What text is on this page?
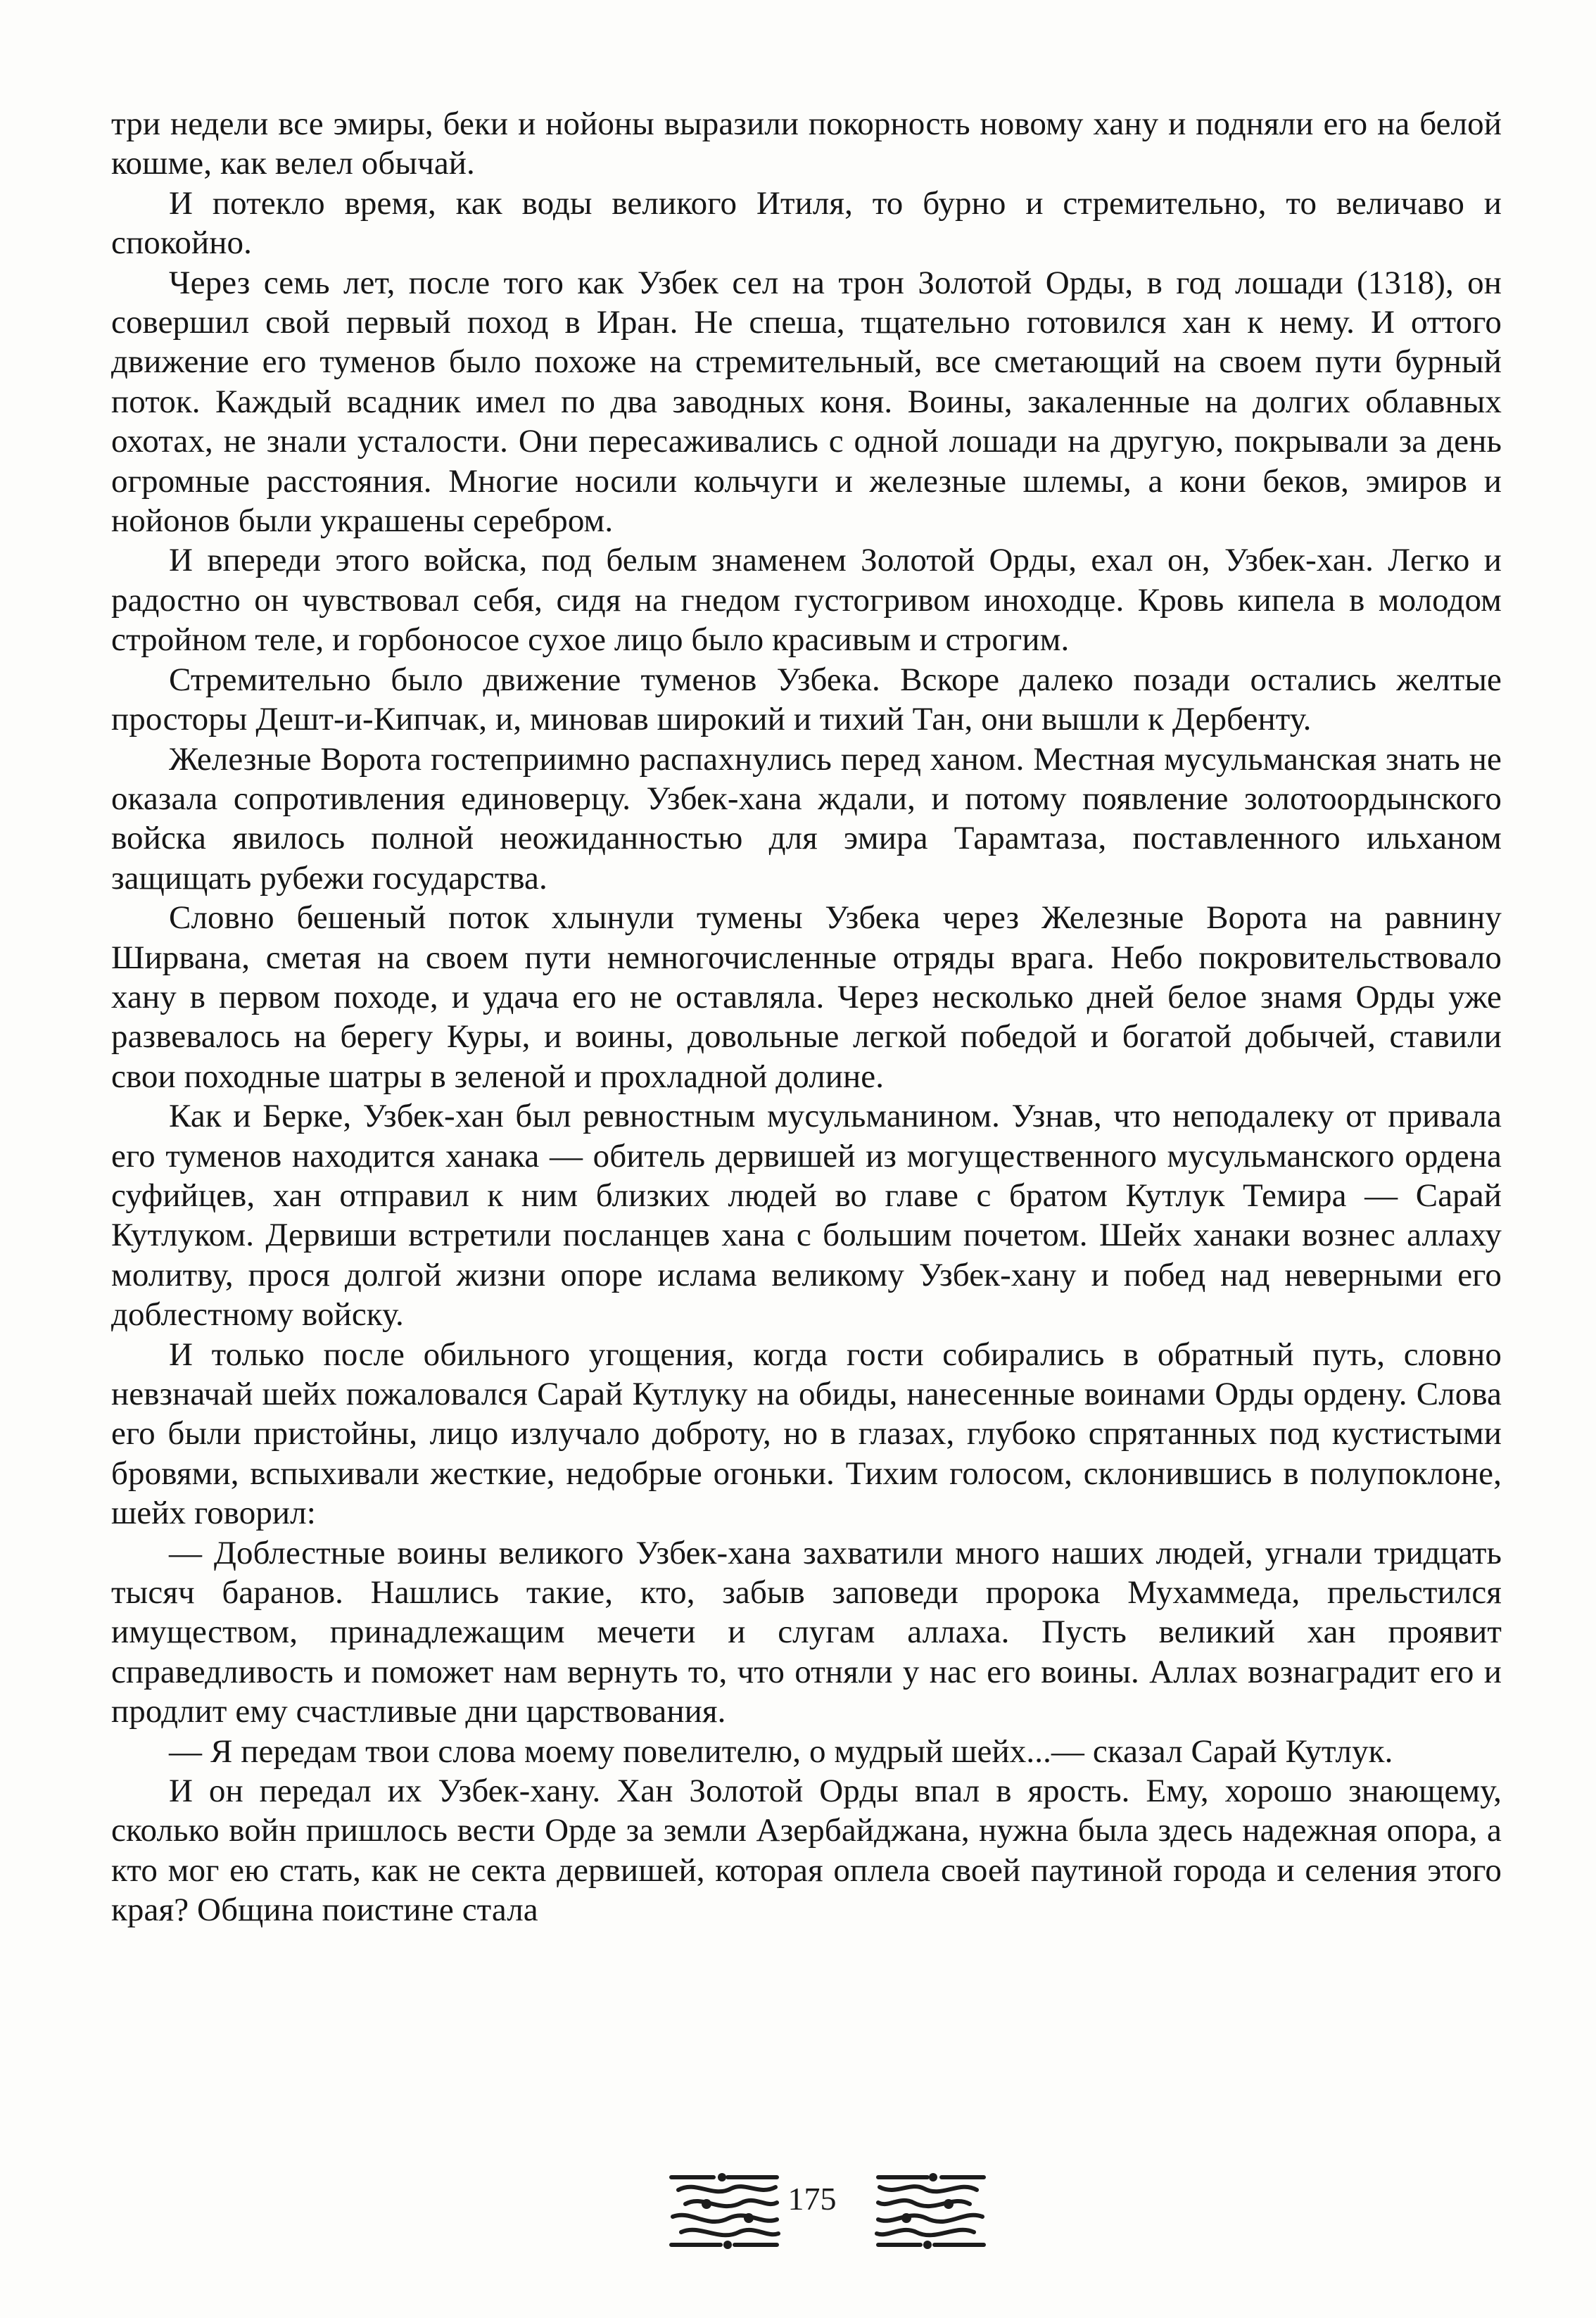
три недели все эмиры, беки и нойоны выразили покорность новому хану и подняли его на белой кошме, как велел обычай.

И потекло время, как воды великого Итиля, то бурно и стремительно, то величаво и спокойно.

Через семь лет, после того как Узбек сел на трон Золотой Орды, в год лошади (1318), он совершил свой первый поход в Иран. Не спеша, тщательно готовился хан к нему. И оттого движение его туменов было похоже на стремительный, все сметающий на своем пути бурный поток. Каждый всадник имел по два заводных коня. Воины, закаленные на долгих облавных охотах, не знали усталости. Они пересаживались с одной лошади на другую, покрывали за день огромные расстояния. Многие носили кольчуги и железные шлемы, а кони беков, эмиров и нойонов были украшены серебром.

И впереди этого войска, под белым знаменем Золотой Орды, ехал он, Узбек-хан. Легко и радостно он чувствовал себя, сидя на гнедом густогривом иноходце. Кровь кипела в молодом стройном теле, и горбоносое сухое лицо было красивым и строгим.

Стремительно было движение туменов Узбека. Вскоре далеко позади остались желтые просторы Дешт-и-Кипчак, и, миновав широкий и тихий Тан, они вышли к Дербенту.

Железные Ворота гостеприимно распахнулись перед ханом. Местная мусульманская знать не оказала сопротивления единоверцу. Узбек-хана ждали, и потому появление золотоордынского войска явилось полной неожиданностью для эмира Тарамтаза, поставленного ильханом защищать рубежи государства.

Словно бешеный поток хлынули тумены Узбека через Железные Ворота на равнину Ширвана, сметая на своем пути немногочисленные отряды врага. Небо покровительствовало хану в первом походе, и удача его не оставляла. Через несколько дней белое знамя Орды уже развевалось на берегу Куры, и воины, довольные легкой победой и богатой добычей, ставили свои походные шатры в зеленой и прохладной долине.

Как и Берке, Узбек-хан был ревностным мусульманином. Узнав, что неподалеку от привала его туменов находится ханака — обитель дервишей из могущественного мусульманского ордена суфийцев, хан отправил к ним близких людей во главе с братом Кутлук Темира — Сарай Кутлуком. Дервиши встретили посланцев хана с большим почетом. Шейх ханаки вознес аллаху молитву, прося долгой жизни опоре ислама великому Узбек-хану и побед над неверными его доблестному войску.

И только после обильного угощения, когда гости собирались в обратный путь, словно невзначай шейх пожаловался Сарай Кутлуку на обиды, нанесенные воинами Орды ордену. Слова его были пристойны, лицо излучало доброту, но в глазах, глубоко спрятанных под кустистыми бровями, вспыхивали жесткие, недобрые огоньки. Тихим голосом, склонившись в полупоклоне, шейх говорил:

— Доблестные воины великого Узбек-хана захватили много наших людей, угнали тридцать тысяч баранов. Нашлись такие, кто, забыв заповеди пророка Мухаммеда, прельстился имуществом, принадлежащим мечети и слугам аллаха. Пусть великий хан проявит справедливость и поможет нам вернуть то, что отняли у нас его воины. Аллах вознаградит его и продлит ему счастливые дни царствования.

— Я передам твои слова моему повелителю, о мудрый шейх...— сказал Сарай Кутлук.

И он передал их Узбек-хану. Хан Золотой Орды впал в ярость. Ему, хорошо знающему, сколько войн пришлось вести Орде за земли Азербайджана, нужна была здесь надежная опора, а кто мог ею стать, как не секта дервишей, которая оплела своей паутиной города и селения этого края? Община поистине стала

175
